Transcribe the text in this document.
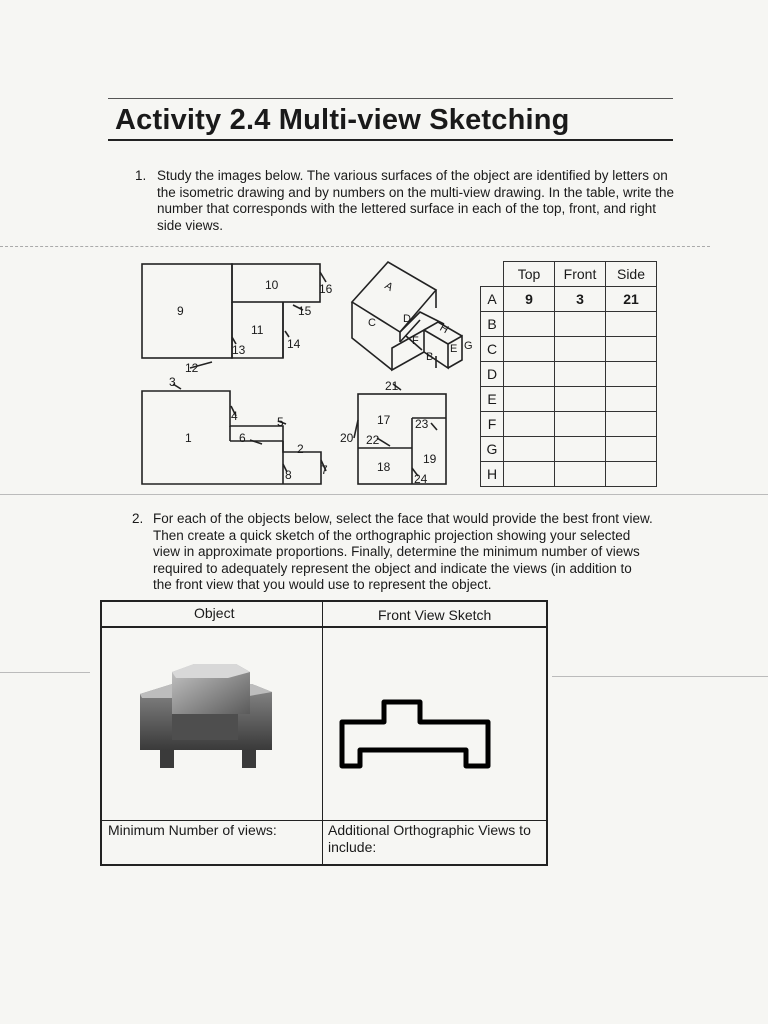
Activity 2.4 Multi-view Sketching
1. Study the images below. The various surfaces of the object are identified by letters on the isometric drawing and by numbers on the multi-view drawing. In the table, write the number that corresponds with the lettered surface in each of the top, front, and right side views.
9
10	16
15
11
14
13
12
3
4	5
1	6
2
8 7
21
17 23
20 22
19
18
24
A
C D
H
F
B
E G
	Top	Front	Side
A	9	3	21
B			
C			
D			
E			
F			
G			
H			
2. For each of the objects below, select the face that would provide the best front view. Then create a quick sketch of the orthographic projection showing your selected view in approximate proportions. Finally, determine the minimum number of views required to adequately represent the object and indicate the views (in addition to the front view that you would use to represent the object.
Object	Front View Sketch
Minimum Number of views:	Additional Orthographic Views to include:
